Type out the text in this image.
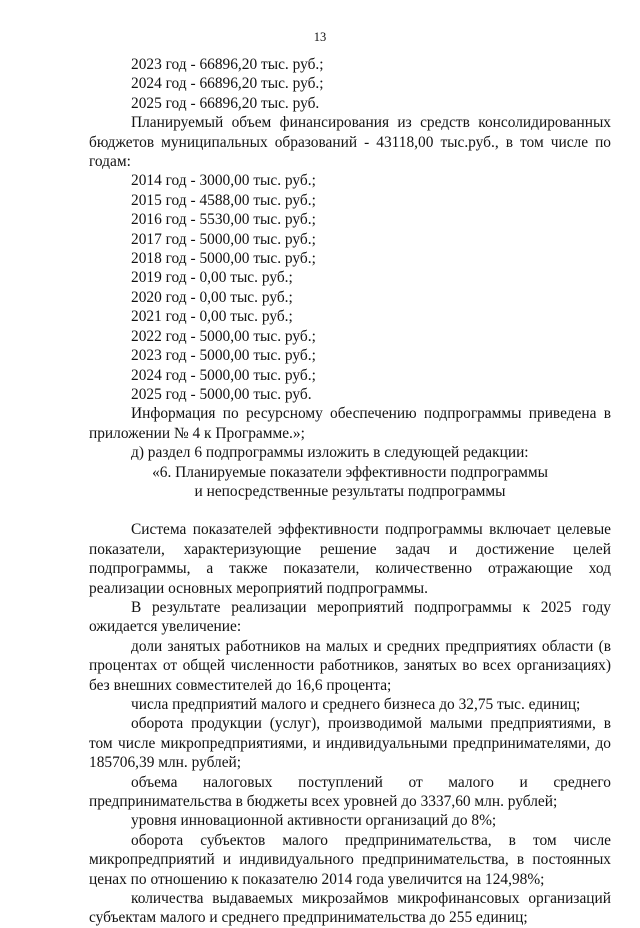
13

2023 год - 66896,20 тыс. руб.;

2024 год - 66896,20 тыс. руб.;

2025 год - 66896,20 тыс. руб.

Планируемый объем финансирования из средств консолидированных бюджетов муниципальных образований - 43118,00 тыс.руб., в том числе по годам:

2014 год - 3000,00 тыс. руб.;

2015 год - 4588,00 тыс. руб.;

2016 год - 5530,00 тыс. руб.;

2017 год - 5000,00 тыс. руб.;

2018 год - 5000,00 тыс. руб.;

2019 год - 0,00 тыс. руб.;

2020 год - 0,00 тыс. руб.;

2021 год - 0,00 тыс. руб.;

2022 год - 5000,00 тыс. руб.;

2023 год - 5000,00 тыс. руб.;

2024 год - 5000,00 тыс. руб.;

2025 год - 5000,00 тыс. руб.

Информация по ресурсному обеспечению подпрограммы приведена в приложении № 4 к Программе.»;

д) раздел 6 подпрограммы изложить в следующей редакции:

«6. Планируемые показатели эффективности подпрограммы

и непосредственные результаты подпрограммы

Система показателей эффективности подпрограммы включает целевые показатели, характеризующие решение задач и достижение целей подпрограммы, а также показатели, количественно отражающие ход реализации основных мероприятий подпрограммы.

В результате реализации мероприятий подпрограммы к 2025 году ожидается увеличение:

доли занятых работников на малых и средних предприятиях области (в процентах от общей численности работников, занятых во всех организациях) без внешних совместителей до 16,6 процента;

числа предприятий малого и среднего бизнеса до 32,75 тыс. единиц;

оборота продукции (услуг), производимой малыми предприятиями, в том числе микропредприятиями, и индивидуальными предпринимателями, до 185706,39 млн. рублей;

объема налоговых поступлений от малого и среднего предпринимательства в бюджеты всех уровней до 3337,60 млн. рублей;

уровня инновационной активности организаций до 8%;

оборота субъектов малого предпринимательства, в том числе микропредприятий и индивидуального предпринимательства, в постоянных ценах по отношению к показателю 2014 года увеличится на 124,98%;

количества выдаваемых микрозаймов микрофинансовых организаций субъектам малого и среднего предпринимательства до 255 единиц;
